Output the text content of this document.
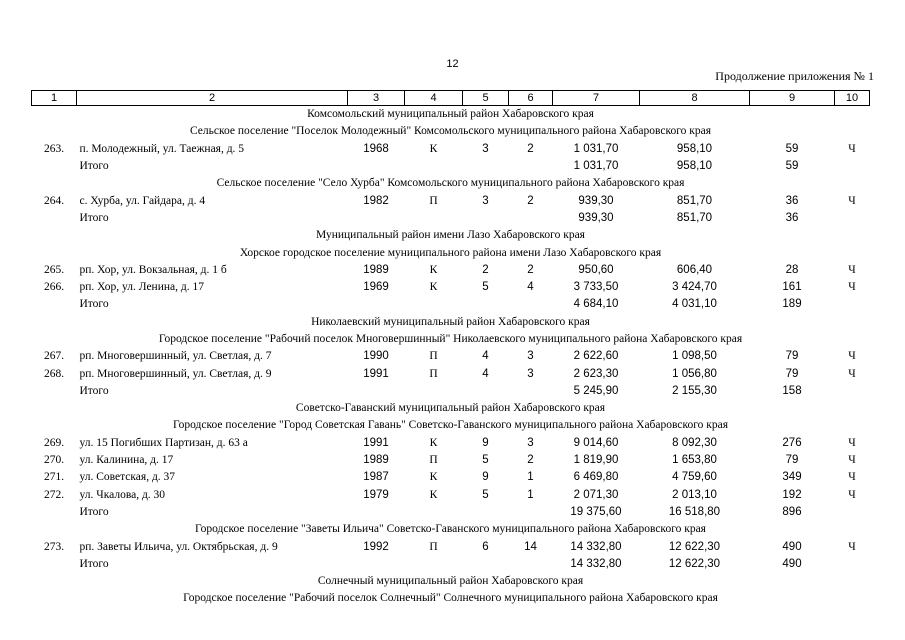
12
Продолжение приложения № 1
1	2	3	4	5	6	7	8	9	10
Комсомольский муниципальный район Хабаровского края									
Сельское поселение "Поселок Молодежный" Комсомольского муниципального района Хабаровского края									
263.	п. Молодежный, ул. Таежная, д. 5	1968	К	3	2	1 031,70	958,10	59	Ч
	Итого					1 031,70	958,10	59	
Сельское поселение "Село Хурба" Комсомольского муниципального района Хабаровского края									
264.	с. Хурба, ул. Гайдара, д. 4	1982	П	3	2	939,30	851,70	36	Ч
	Итого					939,30	851,70	36	
Муниципальный район имени Лазо Хабаровского края									
Хорское городское поселение муниципального района имени Лазо Хабаровского края									
265.	рп. Хор, ул. Вокзальная, д. 1 б	1989	К	2	2	950,60	606,40	28	Ч
266.	рп. Хор, ул. Ленина, д. 17	1969	К	5	4	3 733,50	3 424,70	161	Ч
	Итого					4 684,10	4 031,10	189	
Николаевский муниципальный район Хабаровского края									
Городское поселение "Рабочий поселок Многовершинный" Николаевского муниципального района Хабаровского края									
267.	рп. Многовершинный, ул. Светлая, д. 7	1990	П	4	3	2 622,60	1 098,50	79	Ч
268.	рп. Многовершинный, ул. Светлая, д. 9	1991	П	4	3	2 623,30	1 056,80	79	Ч
	Итого					5 245,90	2 155,30	158	
Советско-Гаванский муниципальный район Хабаровского края									
Городское поселение "Город Советская Гавань" Советско-Гаванского муниципального района Хабаровского края									
269.	ул. 15 Погибших Партизан, д. 63 а	1991	К	9	3	9 014,60	8 092,30	276	Ч
270.	ул. Калинина, д. 17	1989	П	5	2	1 819,90	1 653,80	79	Ч
271.	ул. Советская, д. 37	1987	К	9	1	6 469,80	4 759,60	349	Ч
272.	ул. Чкалова, д. 30	1979	К	5	1	2 071,30	2 013,10	192	Ч
	Итого					19 375,60	16 518,80	896	
Городское поселение "Заветы Ильича" Советско-Гаванского муниципального района Хабаровского края									
273.	рп. Заветы Ильича, ул. Октябрьская, д. 9	1992	П	6	14	14 332,80	12 622,30	490	Ч
	Итого					14 332,80	12 622,30	490	
Солнечный муниципальный район Хабаровского края									
Городское поселение "Рабочий поселок Солнечный" Солнечного муниципального района Хабаровского края									
